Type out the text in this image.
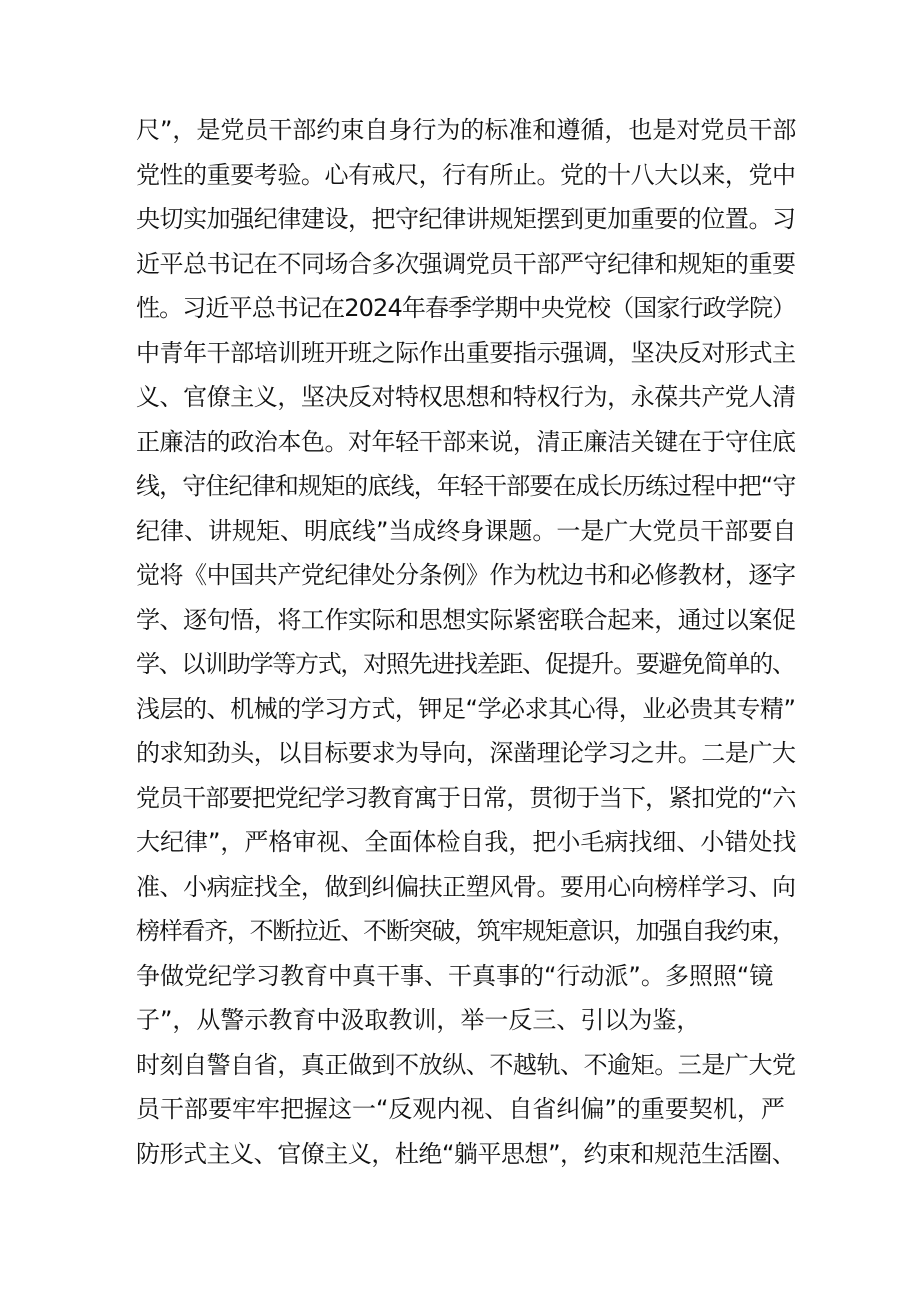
尺”，是党员干部约束自身行为的标准和遵循，也是对党员干部
党性的重要考验。心有戒尺，行有所止。党的十八大以来，党中
央切实加强纪律建设，把守纪律讲规矩摆到更加重要的位置。习
近平总书记在不同场合多次强调党员干部严守纪律和规矩的重要
性。习近平总书记在2024年春季学期中央党校（国家行政学院）
中青年干部培训班开班之际作出重要指示强调，坚决反对形式主
义、官僚主义，坚决反对特权思想和特权行为，永葆共产党人清
正廉洁的政治本色。对年轻干部来说，清正廉洁关键在于守住底
线，守住纪律和规矩的底线，年轻干部要在成长历练过程中把“守
纪律、讲规矩、明底线”当成终身课题。一是广大党员干部要自
觉将《中国共产党纪律处分条例》作为枕边书和必修教材，逐字
学、逐句悟，将工作实际和思想实际紧密联合起来，通过以案促
学、以训助学等方式，对照先进找差距、促提升。要避免简单的、
浅层的、机械的学习方式，钾足“学必求其心得，业必贵其专精”
的求知劲头，以目标要求为导向，深凿理论学习之井。二是广大
党员干部要把党纪学习教育寓于日常，贯彻于当下，紧扣党的“六
大纪律”，严格审视、全面体检自我，把小毛病找细、小错处找
准、小病症找全，做到纠偏扶正塑风骨。要用心向榜样学习、向
榜样看齐，不断拉近、不断突破，筑牢规矩意识，加强自我约束，
争做党纪学习教育中真干事、干真事的“行动派”。多照照“镜
子”，从警示教育中汲取教训，举一反三、引以为鉴，
时刻自警自省，真正做到不放纵、不越轨、不逾矩。三是广大党
员干部要牢牢把握这一“反观内视、自省纠偏”的重要契机，严
防形式主义、官僚主义，杜绝“躺平思想”，约束和规范生活圈、
